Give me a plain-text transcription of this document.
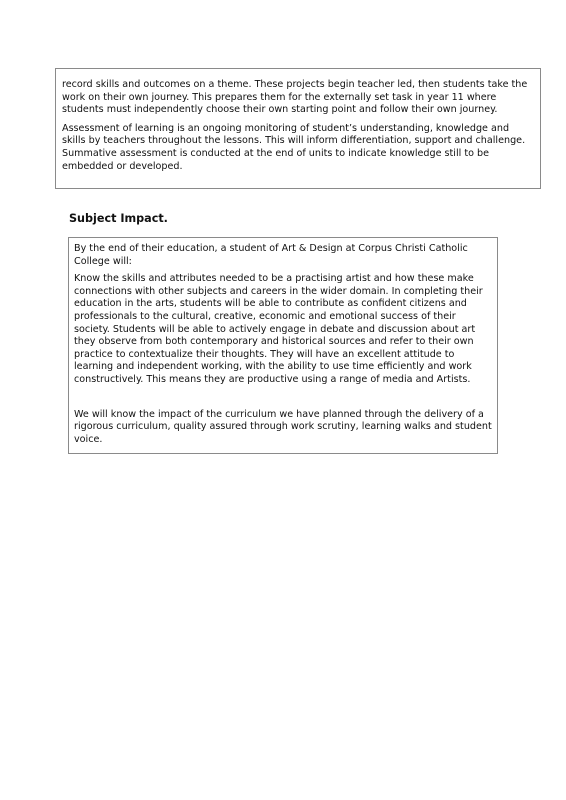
record skills and outcomes on a theme. These projects begin teacher led, then students take the work on their own journey. This prepares them for the externally set task in year 11 where students must independently choose their own starting point and follow their own journey.

Assessment of learning is an ongoing monitoring of student’s understanding, knowledge and skills by teachers throughout the lessons. This will inform differentiation, support and challenge. Summative assessment is conducted at the end of units to indicate knowledge still to be embedded or developed.

Subject Impact.

By the end of their education, a student of Art & Design at Corpus Christi Catholic College will:

Know the skills and attributes needed to be a practising artist and how these make connections with other subjects and careers in the wider domain. In completing their education in the arts, students will be able to contribute as confident citizens and professionals to the cultural, creative, economic and emotional success of their society. Students will be able to actively engage in debate and discussion about art they observe from both contemporary and historical sources and refer to their own practice to contextualize their thoughts. They will have an excellent attitude to learning and independent working, with the ability to use time efficiently and work constructively. This means they are productive using a range of media and Artists.

We will know the impact of the curriculum we have planned through the delivery of a rigorous curriculum, quality assured through work scrutiny, learning walks and student voice.
